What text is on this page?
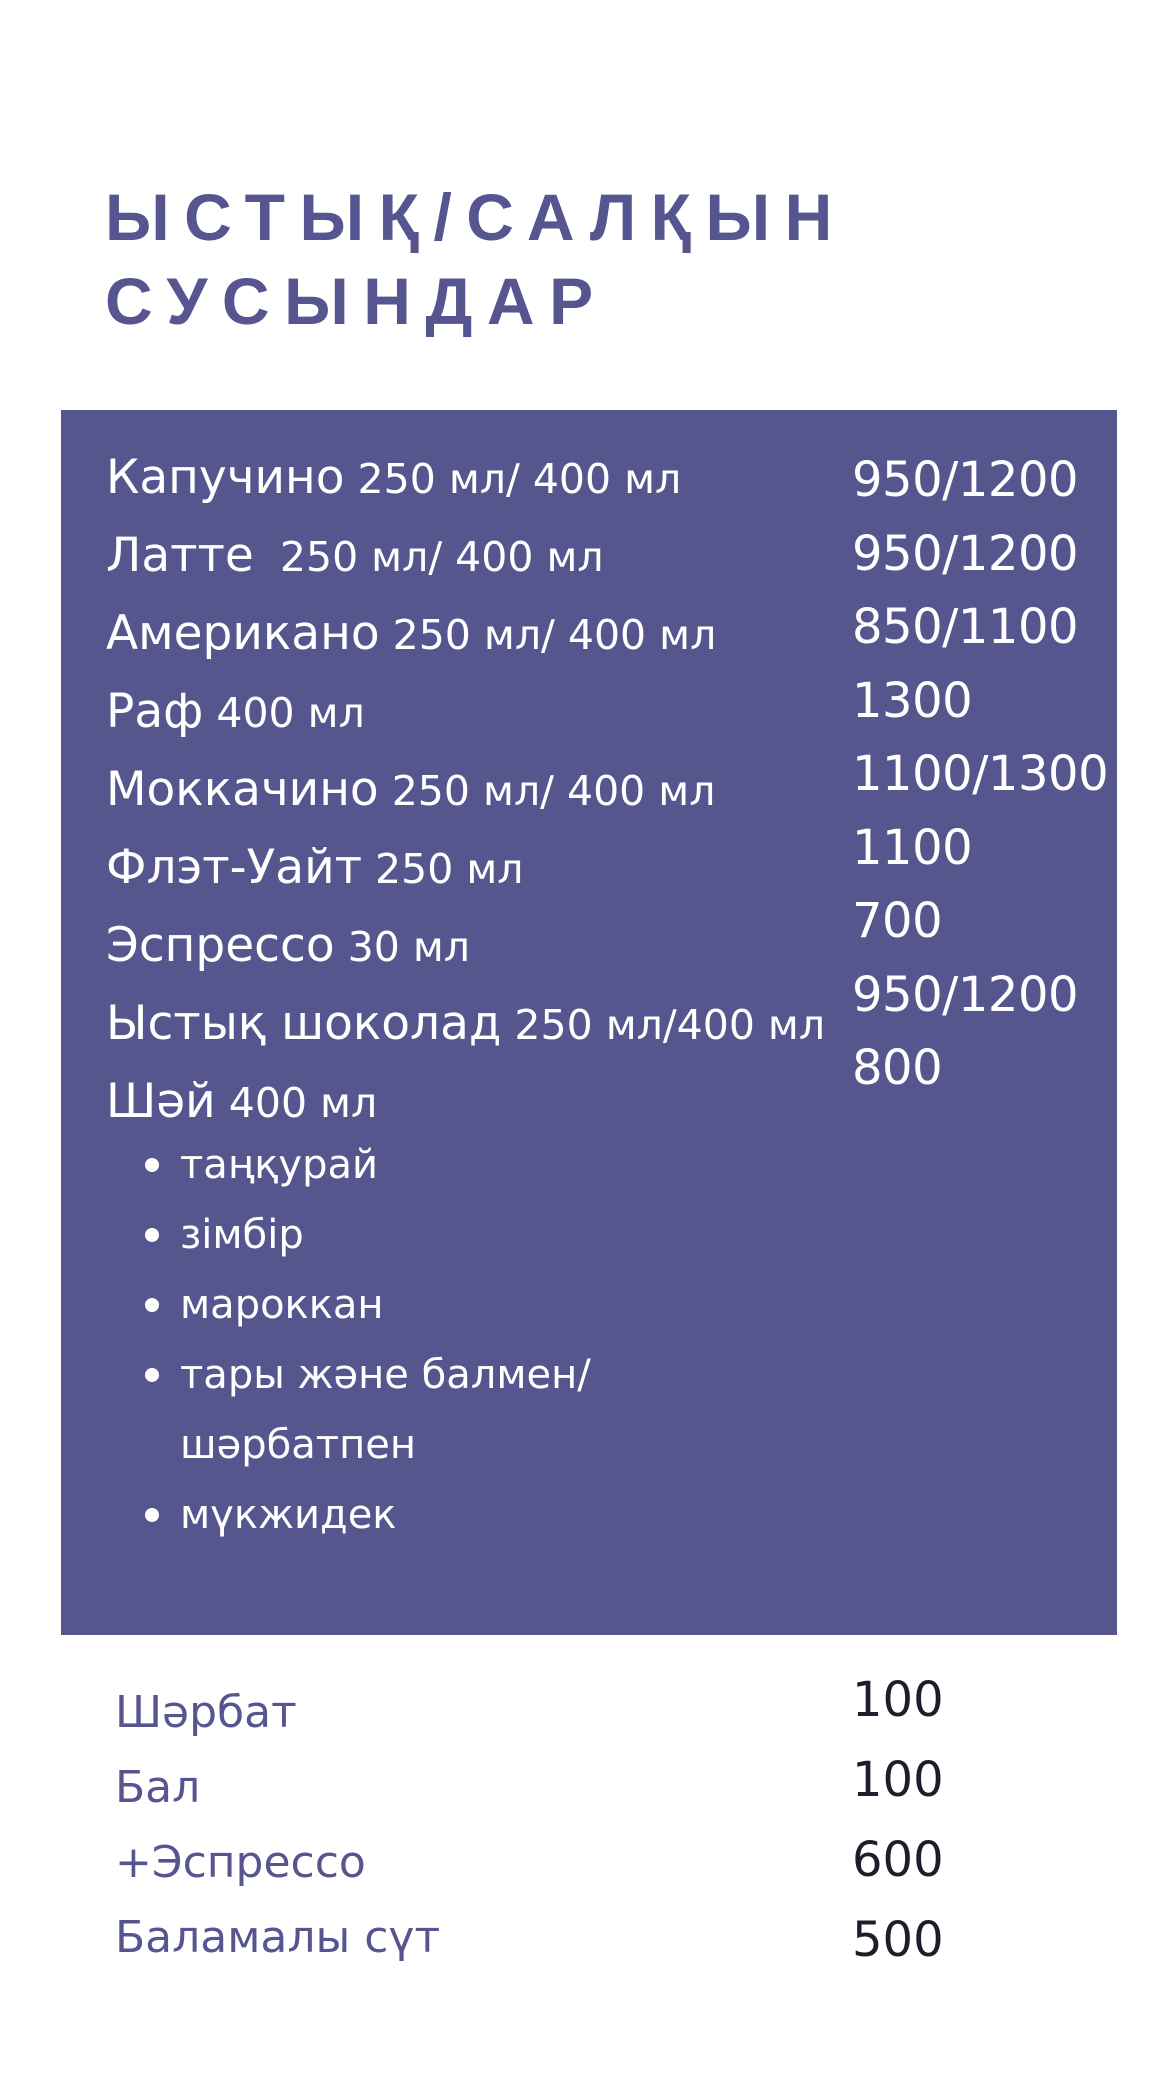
ЫСТЫҚ/САЛҚЫН
СУСЫНДАР
Капучино 250 мл/ 400 мл
Латте  250 мл/ 400 мл
Американо 250 мл/ 400 мл
Раф 400 мл
Моккачино 250 мл/ 400 мл
Флэт-Уайт 250 мл
Эспрессо 30 мл
Ыстық шоколад 250 мл/400 мл
Шәй 400 мл
таңқурай
зімбір
мароккан
тары және балмен/
шәрбатпен
мүкжидек
950/1200
950/1200
850/1100
1300
1100/1300
1100
700
950/1200
800
Шәрбат
Бал
+Эспрессо
Баламалы сүт
100
100
600
500
